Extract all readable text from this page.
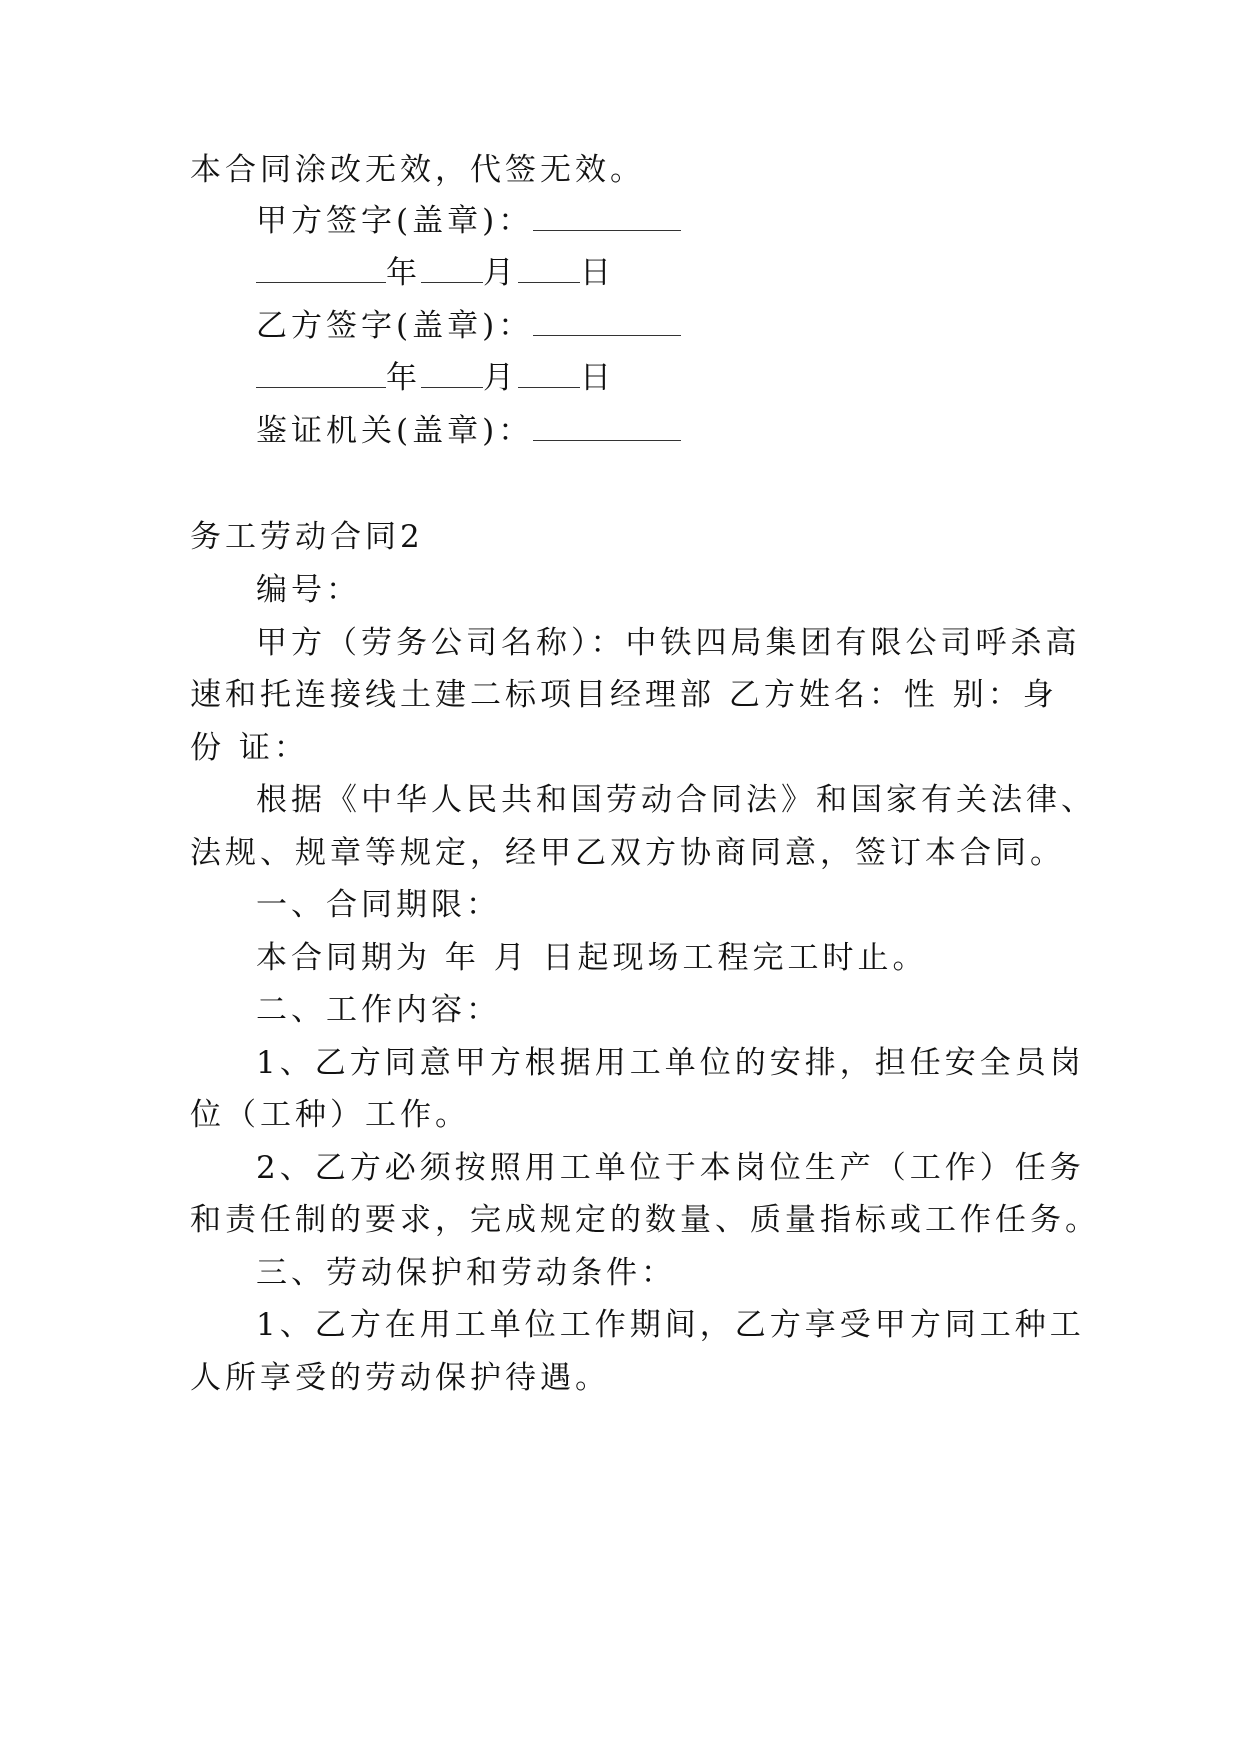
本合同涂改无效，代签无效。

甲方签字(盖章)：

年 月 日

乙方签字(盖章)：

年 月 日

鉴证机关(盖章)：

务工劳动合同2

编号：

甲方（劳务公司名称）：中铁四局集团有限公司呼杀高

速和托连接线土建二标项目经理部 乙方姓名：性 别：身

份 证：

根据《中华人民共和国劳动合同法》和国家有关法律、

法规、规章等规定，经甲乙双方协商同意，签订本合同。

一、合同期限：

本合同期为 年 月 日起现场工程完工时止。

二、工作内容：

1、乙方同意甲方根据用工单位的安排，担任安全员岗

位（工种）工作。

2、乙方必须按照用工单位于本岗位生产（工作）任务

和责任制的要求，完成规定的数量、质量指标或工作任务。

三、劳动保护和劳动条件：

1、乙方在用工单位工作期间，乙方享受甲方同工种工

人所享受的劳动保护待遇。
